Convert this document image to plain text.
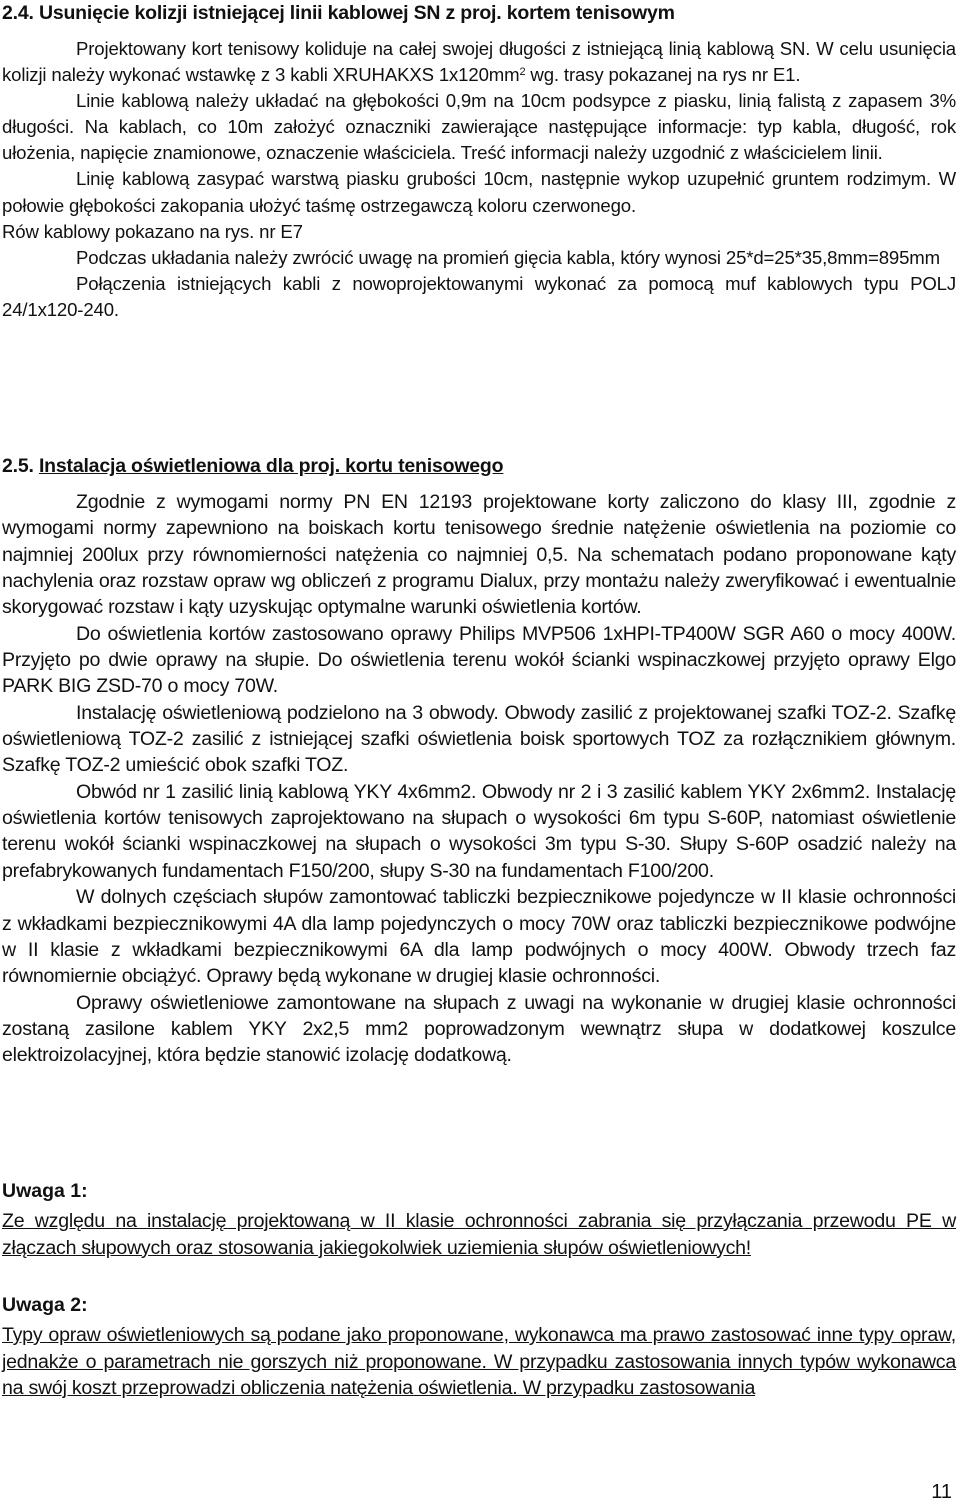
2.4. Usunięcie kolizji istniejącej linii kablowej SN z proj. kortem tenisowym

Projektowany kort tenisowy koliduje na całej swojej długości z istniejącą linią kablową SN. W celu usunięcia kolizji należy wykonać wstawkę z 3 kabli XRUHAKXS $1x120mm^2$ wg. trasy pokazanej na rys nr E1.

Linie kablową należy układać na głębokości 0,9m na 10cm podsypce z piasku, linią falistą z zapasem 3% długości. Na kablach, co 10m założyć oznaczniki zawierające następujące informacje: typ kabla, długość, rok ułożenia, napięcie znamionowe, oznaczenie właściciela. Treść informacji należy uzgodnić z właścicielem linii.

Linię kablową zasypać warstwą piasku grubości 10cm, następnie wykop uzupełnić gruntem rodzimym. W połowie głębokości zakopania ułożyć taśmę ostrzegawczą koloru czerwonego.

Rów kablowy pokazano na rys. nr E7

Podczas układania należy zwrócić uwagę na promień gięcia kabla, który wynosi 25*d=25*35,8mm=895mm

Połączenia istniejących kabli z nowoprojektowanymi wykonać za pomocą muf kablowych typu POLJ 24/1x120-240.

2.5. Instalacja oświetleniowa dla proj. kortu tenisowego

Zgodnie z wymogami normy PN EN 12193 projektowane korty zaliczono do klasy III, zgodnie z wymogami normy zapewniono na boiskach kortu tenisowego średnie natężenie oświetlenia na poziomie co najmniej 200lux przy równomierności natężenia co najmniej 0,5. Na schematach podano proponowane kąty nachylenia oraz rozstaw opraw wg obliczeń z programu Dialux, przy montażu należy zweryfikować i ewentualnie skorygować rozstaw i kąty uzyskując optymalne warunki oświetlenia kortów.

Do oświetlenia kortów zastosowano oprawy Philips MVP506 1xHPI-TP400W SGR A60 o mocy 400W. Przyjęto po dwie oprawy na słupie. Do oświetlenia terenu wokół ścianki wspinaczkowej przyjęto oprawy Elgo PARK BIG ZSD-70 o mocy 70W.

Instalację oświetleniową podzielono na 3 obwody. Obwody zasilić z projektowanej szafki TOZ-2. Szafkę oświetleniową TOZ-2 zasilić z istniejącej szafki oświetlenia boisk sportowych TOZ za rozłącznikiem głównym. Szafkę TOZ-2 umieścić obok szafki TOZ.

Obwód nr 1 zasilić linią kablową YKY 4x6mm2. Obwody nr 2 i 3 zasilić kablem YKY 2x6mm2. Instalację oświetlenia kortów tenisowych zaprojektowano na słupach o wysokości 6m typu S-60P, natomiast oświetlenie terenu wokół ścianki wspinaczkowej na słupach o wysokości 3m typu S-30. Słupy S-60P osadzić należy na prefabrykowanych fundamentach F150/200, słupy S-30 na fundamentach F100/200.

W dolnych częściach słupów zamontować tabliczki bezpiecznikowe pojedyncze w II klasie ochronności z wkładkami bezpiecznikowymi 4A dla lamp pojedynczych o mocy 70W oraz tabliczki bezpiecznikowe podwójne w II klasie z wkładkami bezpiecznikowymi 6A dla lamp podwójnych o mocy 400W. Obwody trzech faz równomiernie obciążyć. Oprawy będą wykonane w drugiej klasie ochronności.

Oprawy oświetleniowe zamontowane na słupach z uwagi na wykonanie w drugiej klasie ochronności zostaną zasilone kablem YKY 2x2,5 mm2 poprowadzonym wewnątrz słupa w dodatkowej koszulce elektroizolacyjnej, która będzie stanowić izolację dodatkową.

Uwaga 1:
Ze względu na instalację projektowaną w II klasie ochronności zabrania się przyłączania przewodu PE w złączach słupowych oraz stosowania jakiegokolwiek uziemienia słupów oświetleniowych!
Uwaga 2:
Typy opraw oświetleniowych są podane jako proponowane, wykonawca ma prawo zastosować inne typy opraw, jednakże o parametrach nie gorszych niż proponowane. W przypadku zastosowania innych typów wykonawca na swój koszt przeprowadzi obliczenia natężenia oświetlenia. W przypadku zastosowania
11
